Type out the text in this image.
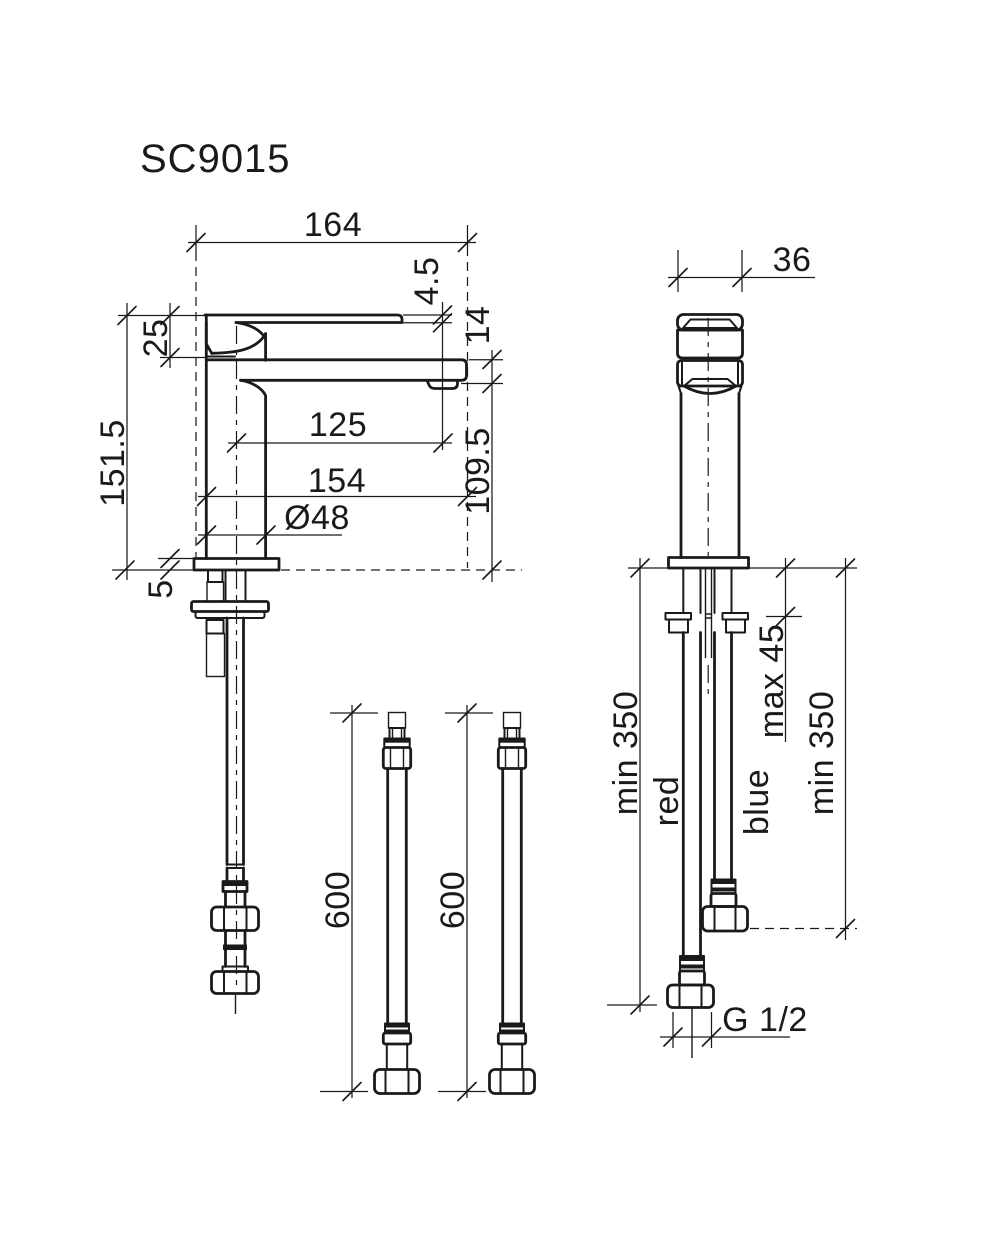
SC9015
164
4.5
25	14
151.5	125
154
Ø48
109.5
5
600 600
36
min 350 red
max 45
blue min 350
G 1/2
